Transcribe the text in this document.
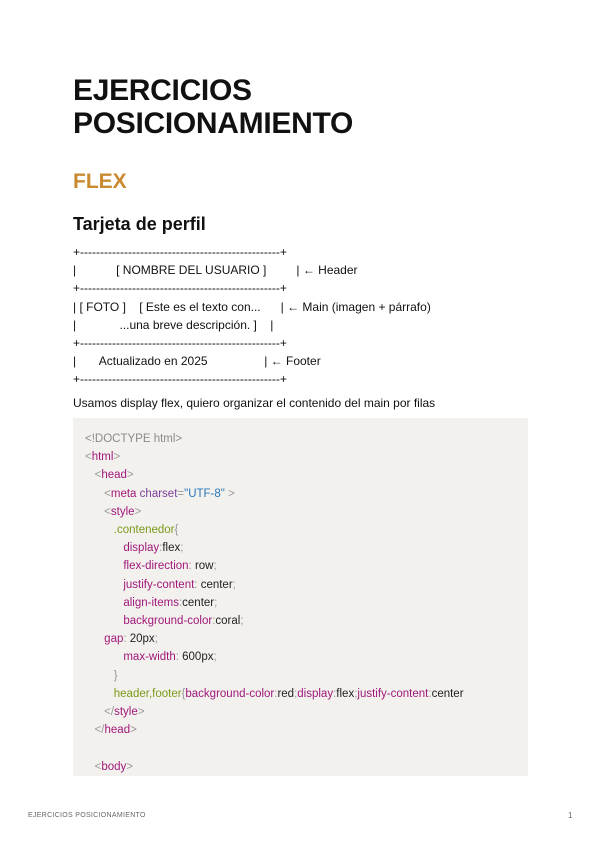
EJERCICIOS POSICIONAMIENTO
FLEX
Tarjeta de perfil
+--------------------------------------------------+
|            [ NOMBRE DEL USUARIO ]         | ← Header
+--------------------------------------------------+
| [ FOTO ]    [ Este es el texto con...      | ← Main (imagen + párrafo)
|             ...una breve descripción. ]    |
+--------------------------------------------------+
|       Actualizado en 2025                 | ← Footer
+--------------------------------------------------+

Usamos display flex, quiero organizar el contenido del main por filas

<!DOCTYPE html>
<html>
<head>
<meta charset="UTF-8" >
<style>
.contenedor{
display:flex;
flex-direction: row;
justify-content: center;
align-items:center;
background-color:coral;
gap: 20px;
max-width: 600px;
}
header,footer{background-color:red;display:flex;justify-content:center
</style>
</head>

<body>
EJERCICIOS POSICIONAMIENTO	1
